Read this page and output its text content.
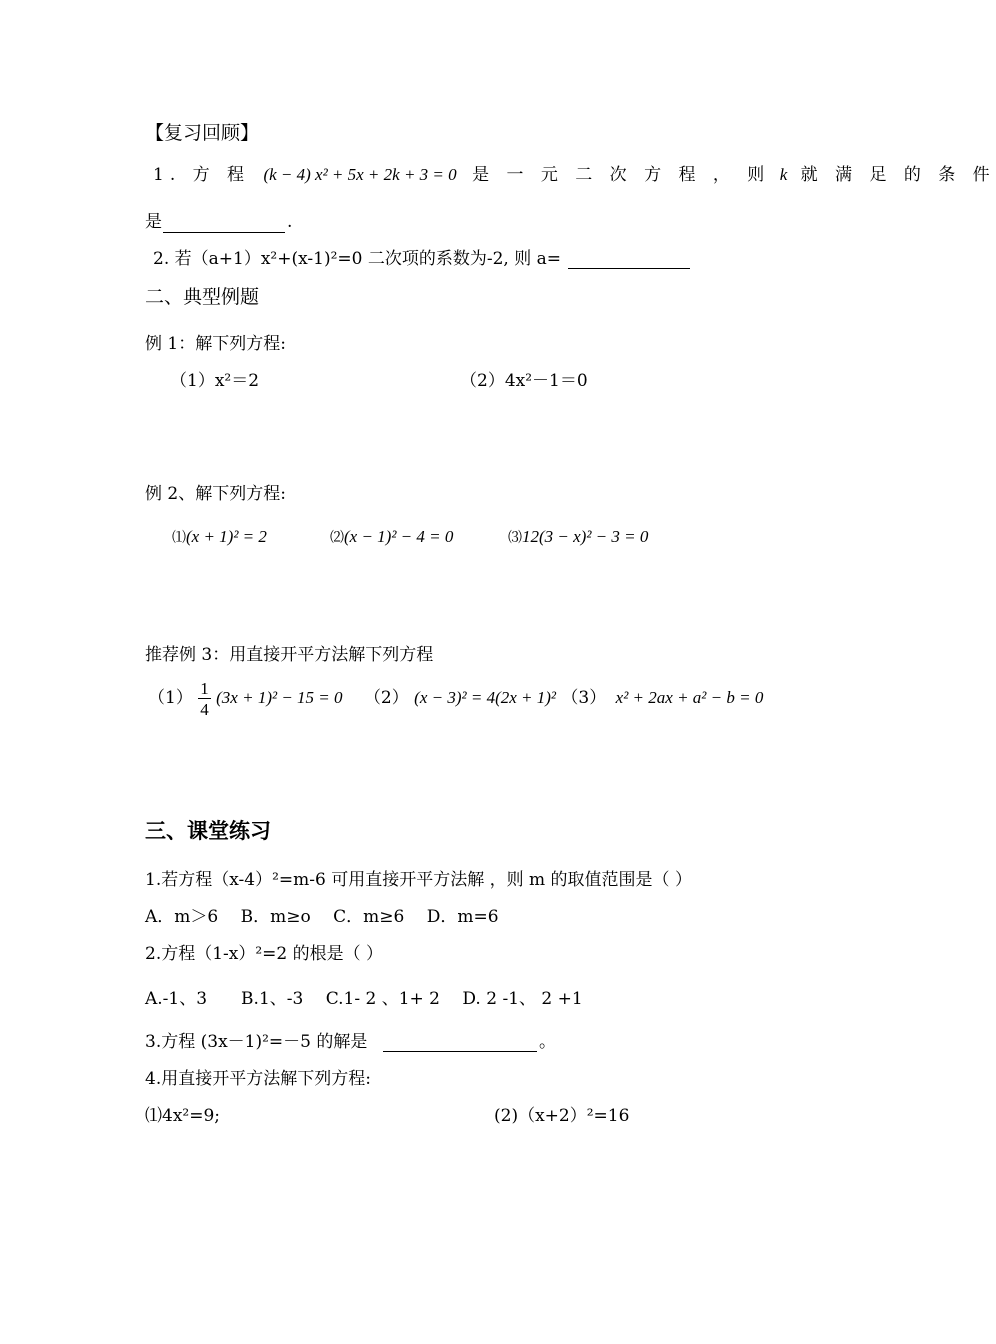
【复习回顾】
1. 方 程 (k − 4) x² + 5x + 2k + 3 = 0 是 一 元 二 次 方 程 ， 则 k 就 满 足 的 条 件
是	.
2. 若（a+1）x²+(x-1)²=0 二次项的系数为-2, 则 a=
二、典型例题
例 1：解下列方程:
（1）x²＝2	（2）4x²－1＝0
例 2、解下列方程:
⑴(x + 1)² = 2	⑵(x − 1)² − 4 = 0	⑶12(3 − x)² − 3 = 0
推荐例 3：用直接开平方法解下列方程
$(1) \frac{1}{4} (3x + 1)^2 - 15 = 0$ （2） (x − 3)² = 4(2x + 1)² （3） x² + 2ax + a² − b = 0
三、课堂练习
1.若方程（x-4）²=m-6 可用直接开平方法解 ，则 m 的取值范围是（ ）
A．m＞6　 B．m≥o　 C．m≥6　 D．m=6
2.方程（1-x）²=2 的根是（ ）
A.-1、3　　B.1、-3　 C.1- 2 、1+ 2　 D. 2 -1、 2 +1
3.方程 (3x－1)²=－5 的解是	。
4.用直接开平方法解下列方程:
⑴4x²=9;	(2)（x+2）²=16
